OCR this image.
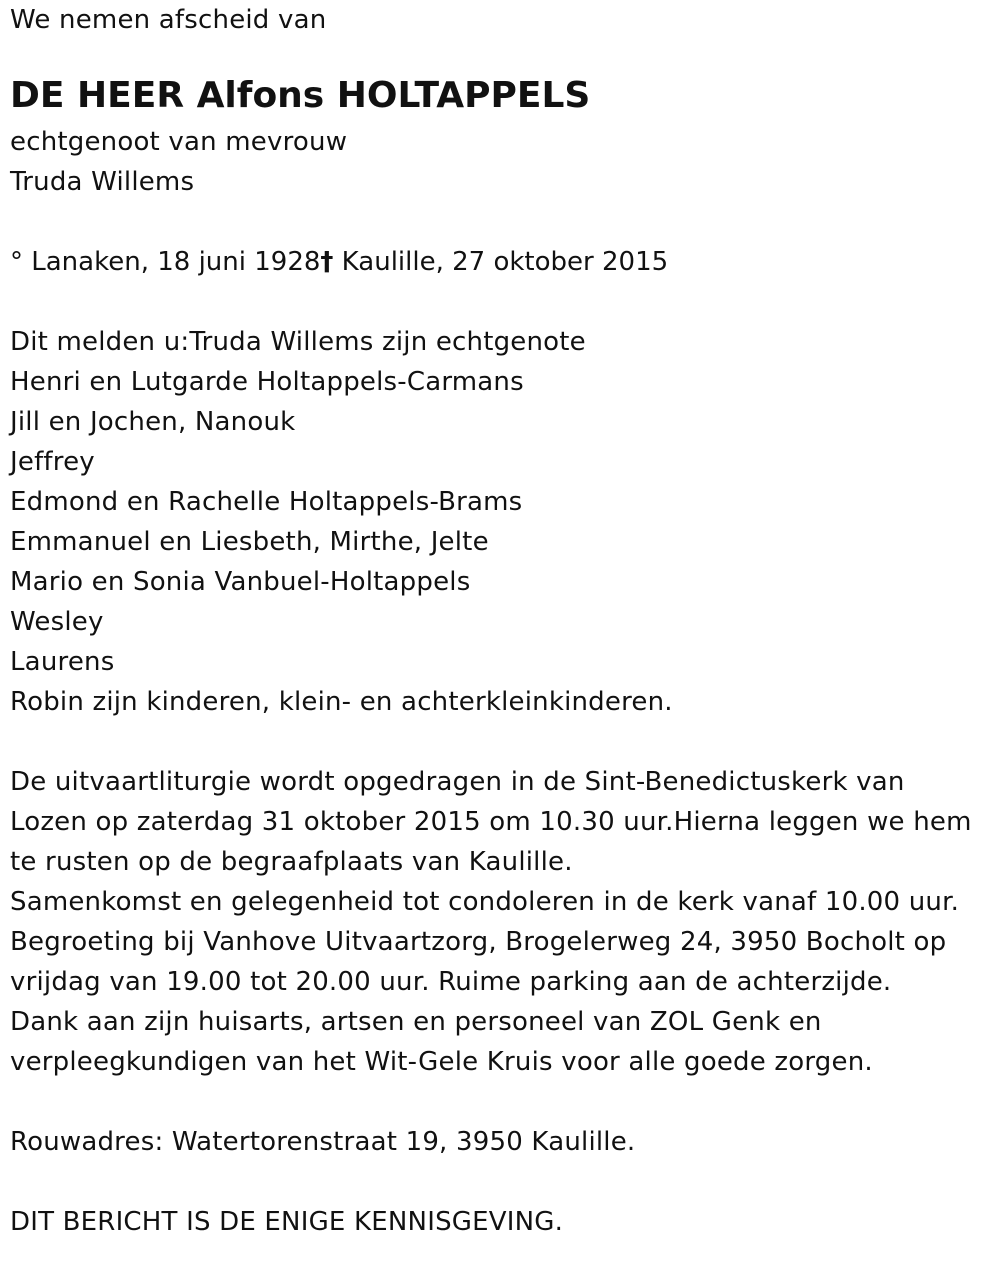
We nemen afscheid van
DE HEER Alfons HOLTAPPELS
echtgenoot van mevrouw
Truda Willems
° Lanaken, 18 juni 1928† Kaulille, 27 oktober 2015
Dit melden u:Truda Willems zijn echtgenote
Henri en Lutgarde Holtappels-Carmans
Jill en Jochen, Nanouk
Jeffrey
Edmond en Rachelle Holtappels-Brams
Emmanuel en Liesbeth, Mirthe, Jelte
Mario en Sonia Vanbuel-Holtappels
Wesley
Laurens
Robin zijn kinderen, klein- en achterkleinkinderen.
De uitvaartliturgie wordt opgedragen in de Sint-Benedictuskerk van
Lozen op zaterdag 31 oktober 2015 om 10.30 uur.Hierna leggen we hem
te rusten op de begraafplaats van Kaulille.
Samenkomst en gelegenheid tot condoleren in de kerk vanaf 10.00 uur.
Begroeting bij Vanhove Uitvaartzorg, Brogelerweg 24, 3950 Bocholt op
vrijdag van 19.00 tot 20.00 uur. Ruime parking aan de achterzijde.
Dank aan zijn huisarts, artsen en personeel van ZOL Genk en
verpleegkundigen van het Wit-Gele Kruis voor alle goede zorgen.
Rouwadres: Watertorenstraat 19, 3950 Kaulille.
DIT BERICHT IS DE ENIGE KENNISGEVING.
